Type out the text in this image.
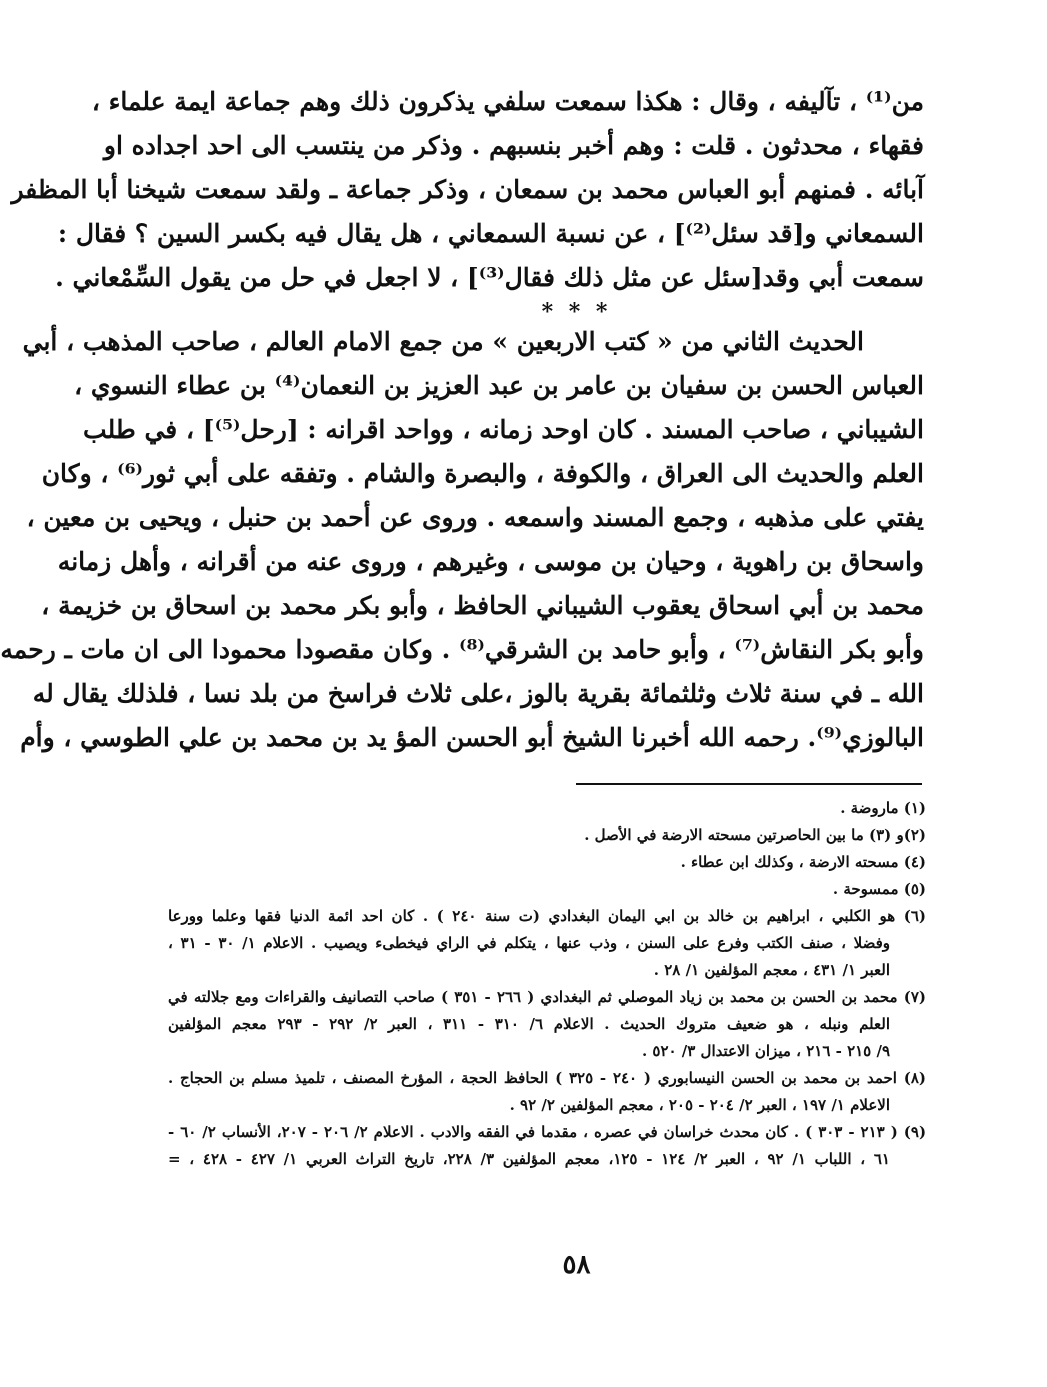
من⁽¹⁾ ، تآليفه ، وقال : هكذا سمعت سلفي يذكرون ذلك وهم جماعة ايمة علماء ،
فقهاء ، محدثون . قلت : وهم أخبر بنسبهم . وذكر من ينتسب الى احد اجداده او
آبائه . فمنهم أبو العباس محمد بن سمعان ، وذكر جماعة ـ ولقد سمعت شيخنا أبا المظفر
السمعاني و[قد سئل⁽²⁾] ، عن نسبة السمعاني ، هل يقال فيه بكسر السين ؟ فقال :
سمعت أبي وقد[سئل عن مثل ذلك فقال⁽³⁾] ، لا اجعل في حل من يقول السِّمْعاني .
* * *
الحديث الثاني من « كتب الاربعين » من جمع الامام العالم ، صاحب المذهب ، أبي
العباس الحسن بن سفيان بن عامر بن عبد العزيز بن النعمان⁽⁴⁾ بن عطاء النسوي ،
الشيباني ، صاحب المسند . كان اوحد زمانه ، وواحد اقرانه : [رحل⁽⁵⁾] ، في طلب
العلم والحديث الى العراق ، والكوفة ، والبصرة والشام . وتفقه على أبي ثور⁽⁶⁾ ، وكان
يفتي على مذهبه ، وجمع المسند واسمعه . وروى عن أحمد بن حنبل ، ويحيى بن معين ،
واسحاق بن راهوية ، وحيان بن موسى ، وغيرهم ، وروى عنه من أقرانه ، وأهل زمانه
محمد بن أبي اسحاق يعقوب الشيباني الحافظ ، وأبو بكر محمد بن اسحاق بن خزيمة ،
وأبو بكر النقاش⁽⁷⁾ ، وأبو حامد بن الشرقي⁽⁸⁾ . وكان مقصودا محمودا الى ان مات ـ رحمه
الله ـ في سنة ثلاث وثلثمائة بقرية بالوز ،على ثلاث فراسخ من بلد نسا ، فلذلك يقال له
البالوزي⁽⁹⁾. رحمه الله أخبرنا الشيخ أبو الحسن المؤ يد بن محمد بن علي الطوسي ، وأم
(١) ماروضة .
(٢)و (٣) ما بين الحاصرتين مسحته الارضة في الأصل .
(٤) مسحته الارضة ، وكذلك ابن عطاء .
(٥) ممسوحة .
(٦) هو الكلبي ، ابراهيم بن خالد بن ابي اليمان البغدادي (ت سنة ٢٤٠ ) . كان احد ائمة الدنيا فقها وعلما وورعا
وفضلا ، صنف الكتب وفرع على السنن ، وذب عنها ، يتكلم في الراي فيخطىء ويصيب . الاعلام ١/ ٣٠ - ٣١ ،
العبر ١/ ٤٣١ ، معجم المؤلفين ١/ ٢٨ .
(٧) محمد بن الحسن بن محمد بن زياد الموصلي ثم البغدادي ( ٢٦٦ - ٣٥١ ) صاحب التصانيف والقراءات ومع جلالته في
العلم ونبله ، هو ضعيف متروك الحديث . الاعلام ٦/ ٣١٠ - ٣١١ ، العبر ٢/ ٢٩٢ - ٢٩٣ معجم المؤلفين
٩/ ٢١٥ - ٢١٦ ، ميزان الاعتدال ٣/ ٥٢٠ .
(٨) احمد بن محمد بن الحسن النيسابوري ( ٢٤٠ - ٣٢٥ ) الحافظ الحجة ، المؤرخ المصنف ، تلميذ مسلم بن الحجاج .
الاعلام ١/ ١٩٧ ، العبر ٢/ ٢٠٤ - ٢٠٥ ، معجم المؤلفين ٢/ ٩٢ .
(٩) ( ٢١٣ - ٣٠٣ ) . كان محدث خراسان في عصره ، مقدما في الفقه والادب . الاعلام ٢/ ٢٠٦ - ٢٠٧، الأنساب ٢/ ٦٠ -
٦١ ، اللباب ١/ ٩٢ ، العبر ٢/ ١٢٤ - ١٢٥، معجم المؤلفين ٣/ ٢٢٨، تاريخ التراث العربي ١/ ٤٢٧ - ٤٢٨ ، =
٥٨
